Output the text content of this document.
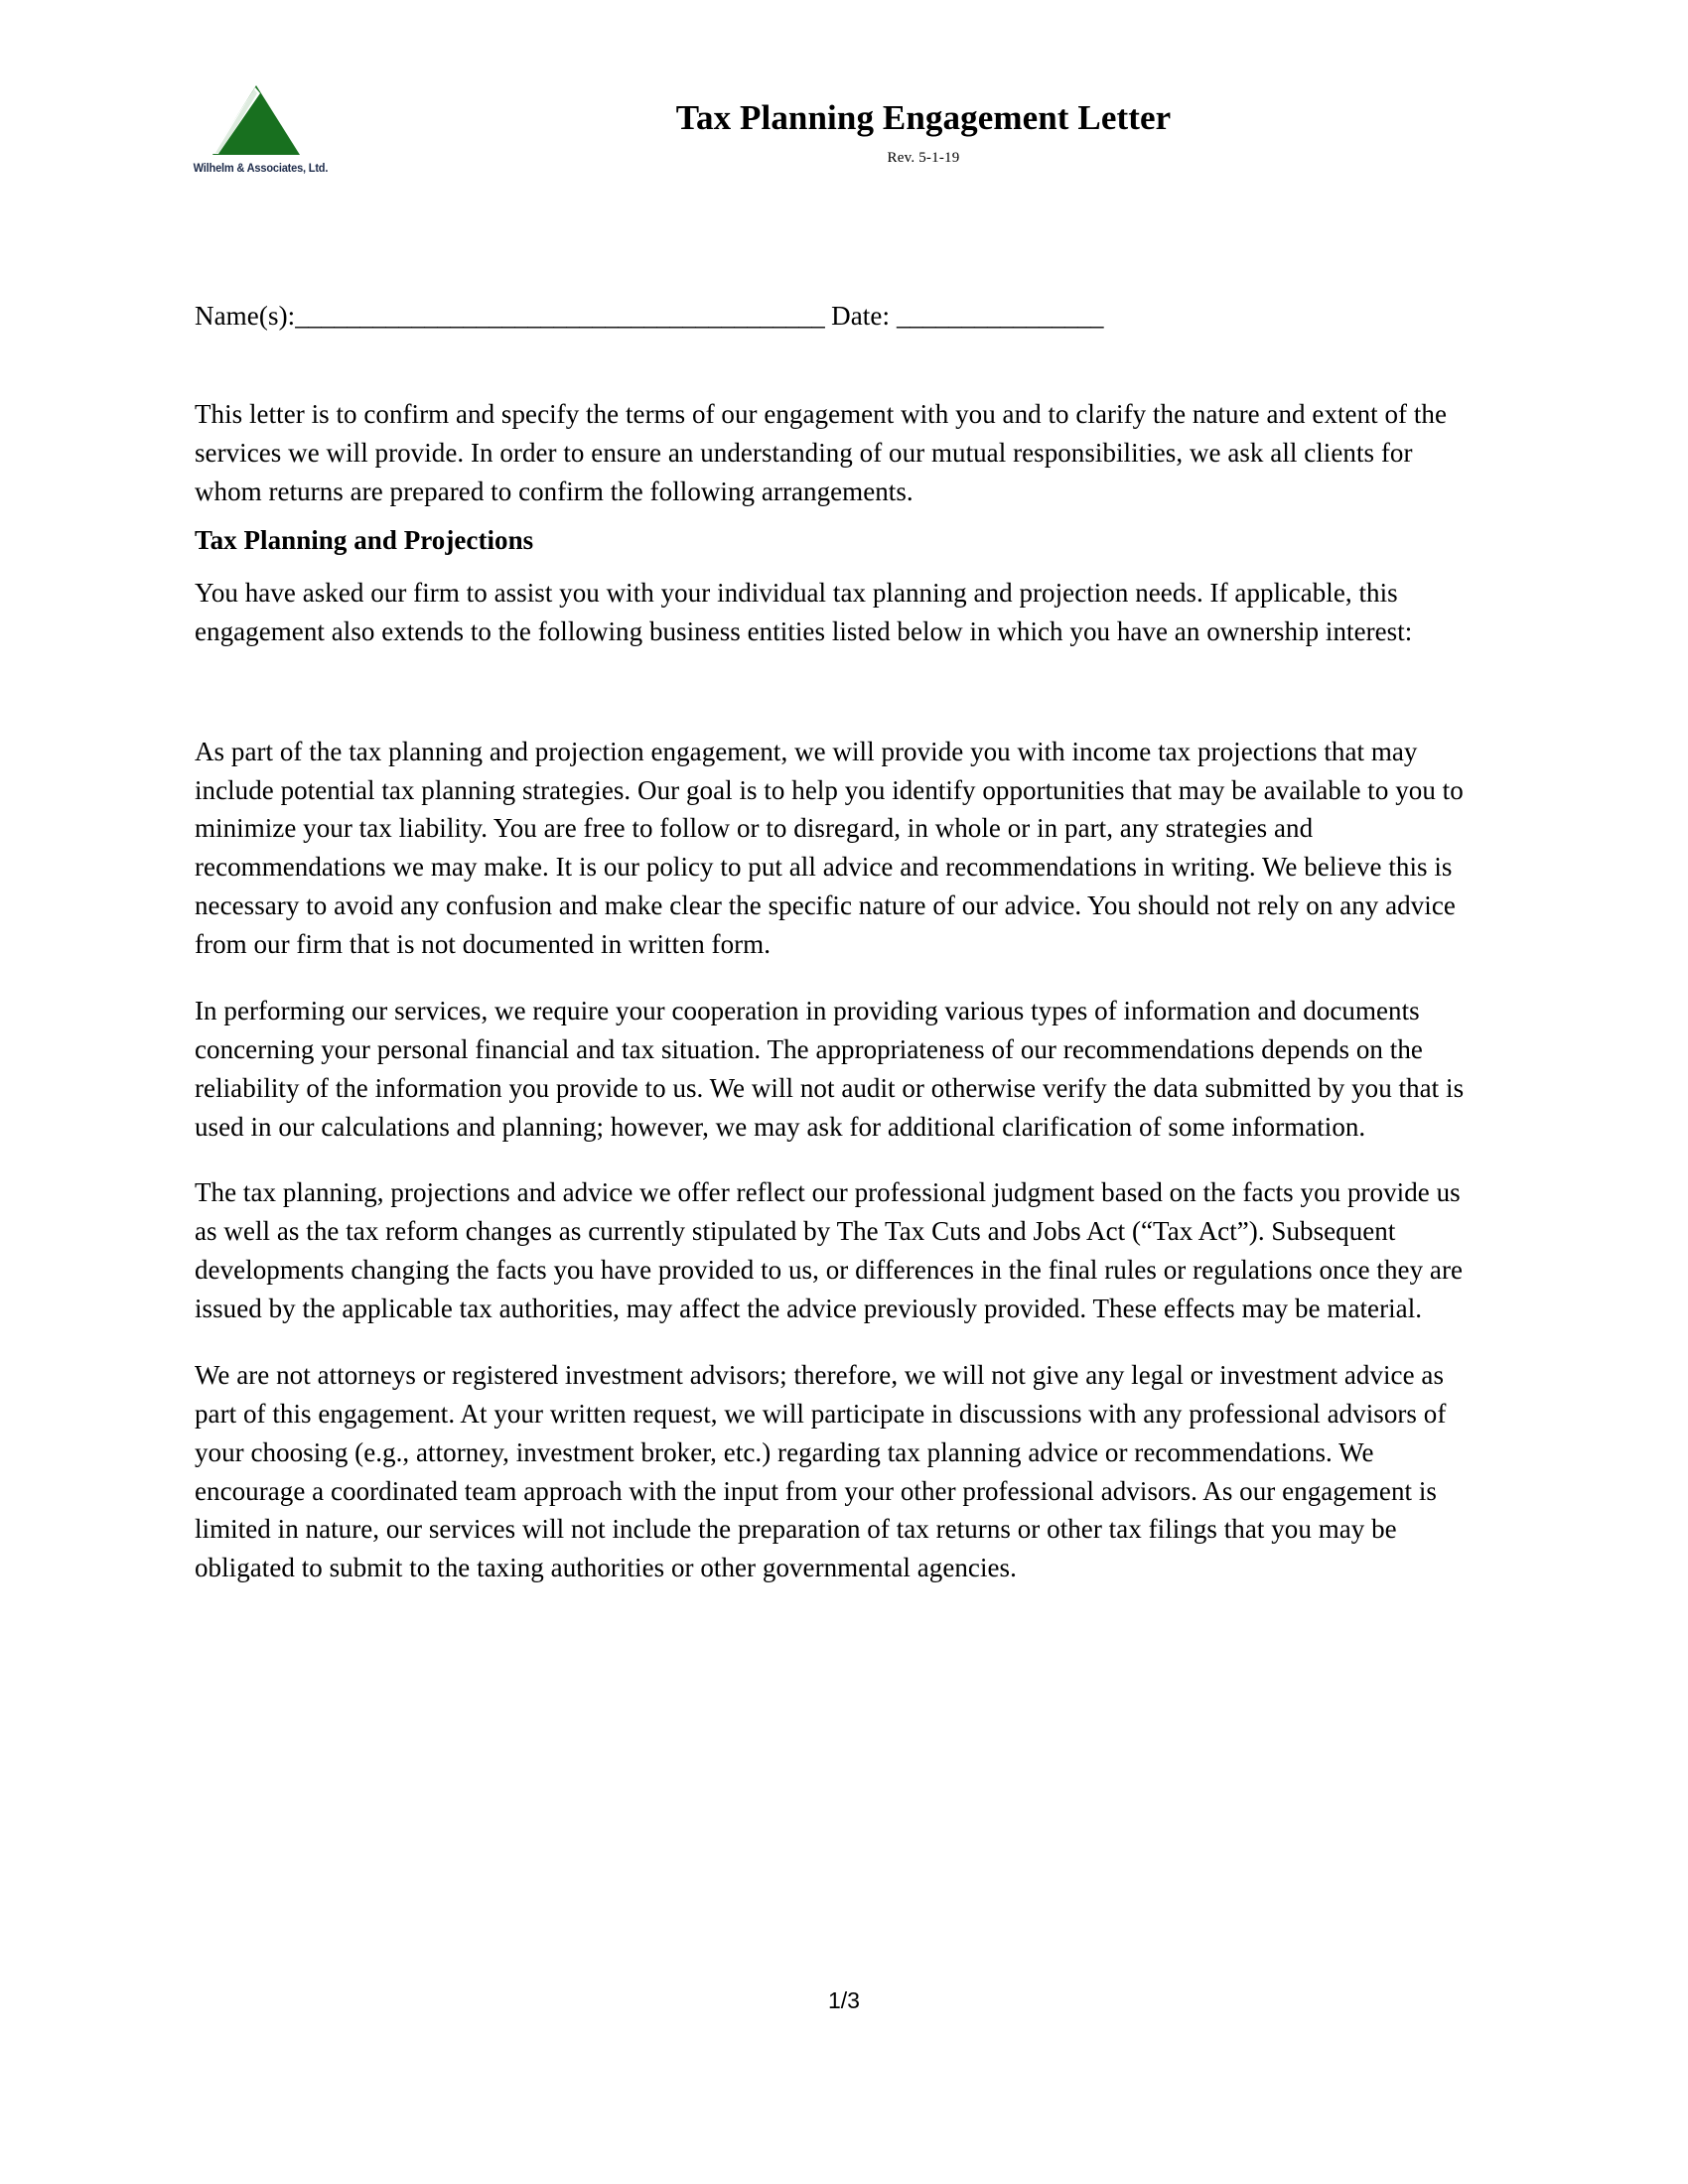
Wilhelm & Associates, Ltd.
Tax Planning Engagement Letter
Rev. 5-1-19
Name(s):_________________________________________ Date: ________________

This letter is to confirm and specify the terms of our engagement with you and to clarify the nature and extent of the services we will provide. In order to ensure an understanding of our mutual responsibilities, we ask all clients for whom returns are prepared to confirm the following arrangements.

Tax Planning and Projections

You have asked our firm to assist you with your individual tax planning and projection needs. If applicable, this engagement also extends to the following business entities listed below in which you have an ownership interest:

As part of the tax planning and projection engagement, we will provide you with income tax projections that may include potential tax planning strategies. Our goal is to help you identify opportunities that may be available to you to minimize your tax liability. You are free to follow or to disregard, in whole or in part, any strategies and recommendations we may make. It is our policy to put all advice and recommendations in writing. We believe this is necessary to avoid any confusion and make clear the specific nature of our advice. You should not rely on any advice from our firm that is not documented in written form.

In performing our services, we require your cooperation in providing various types of information and documents concerning your personal financial and tax situation. The appropriateness of our recommendations depends on the reliability of the information you provide to us. We will not audit or otherwise verify the data submitted by you that is used in our calculations and planning; however, we may ask for additional clarification of some information.

The tax planning, projections and advice we offer reflect our professional judgment based on the facts you provide us as well as the tax reform changes as currently stipulated by The Tax Cuts and Jobs Act (“Tax Act”). Subsequent developments changing the facts you have provided to us, or differences in the final rules or regulations once they are issued by the applicable tax authorities, may affect the advice previously provided. These effects may be material.

We are not attorneys or registered investment advisors; therefore, we will not give any legal or investment advice as part of this engagement. At your written request, we will participate in discussions with any professional advisors of your choosing (e.g., attorney, investment broker, etc.) regarding tax planning advice or recommendations. We encourage a coordinated team approach with the input from your other professional advisors. As our engagement is limited in nature, our services will not include the preparation of tax returns or other tax filings that you may be obligated to submit to the taxing authorities or other governmental agencies.

1/3
